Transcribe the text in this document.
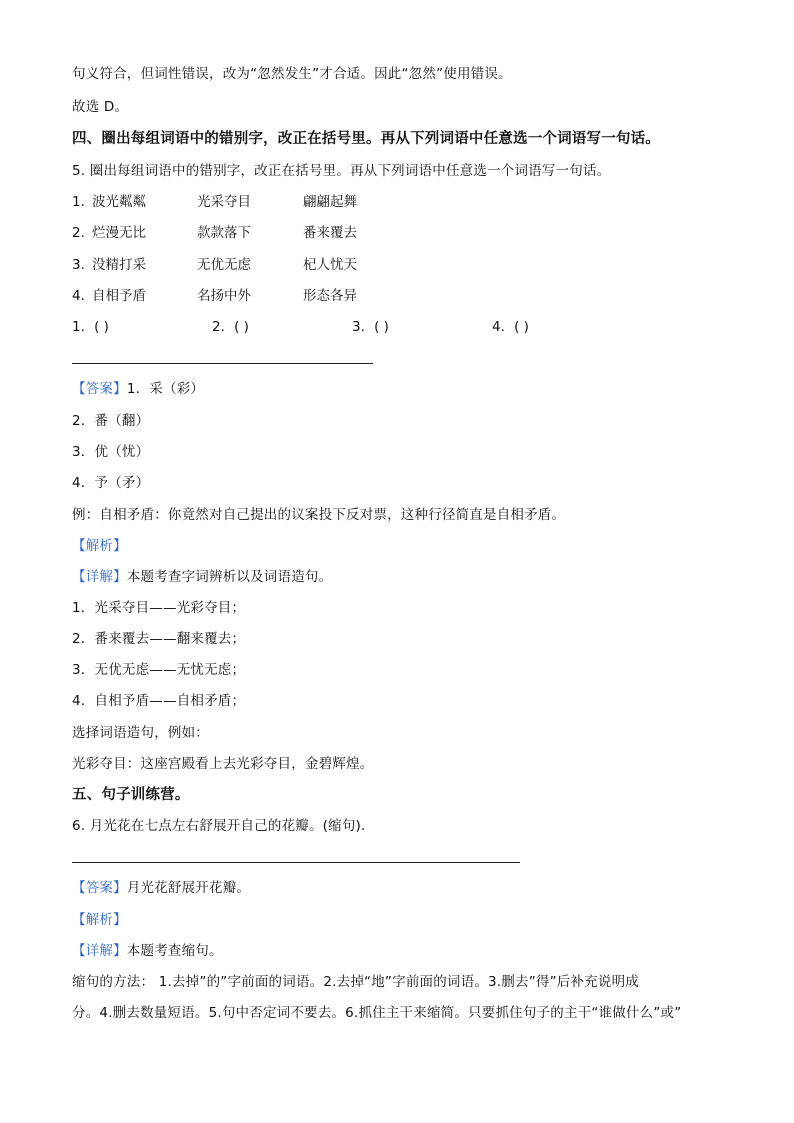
句义符合，但词性错误，改为“忽然发生”才合适。因此“忽然”使用错误。
故选 D。
四、圈出每组词语中的错别字，改正在括号里。再从下列词语中任意选一个词语写一句话。
5. 圈出每组词语中的错别字，改正在括号里。再从下列词语中任意选一个词语写一句话。
1．
波光粼粼	光采夺目	翩翩起舞
2．
烂漫无比	款款落下	番来覆去
3．
没精打采	无优无虑	杞人忧天
4．
自相予盾	名扬中外	形态各异
1．( )	2．( )	3．( )	4．( )
【答案】1．采（彩）
2．番（翻）
3．优（忧）
4．予（矛）
例：自相矛盾：你竟然对自己提出的议案投下反对票，这种行径简直是自相矛盾。
【解析】
【详解】本题考查字词辨析以及词语造句。
1．光采夺目——光彩夺目；
2．番来覆去——翻来覆去；
3．无优无虑——无忧无虑；
4．自相予盾——自相矛盾；
选择词语造句，例如：
光彩夺目：这座宫殿看上去光彩夺目，金碧辉煌。
五、句子训练营。
6. 月光花在七点左右舒展开自己的花瓣。(缩句).
【答案】月光花舒展开花瓣。
【解析】
【详解】本题考查缩句。
缩句的方法： 1.去掉”的”字前面的词语。2.去掉“地”字前面的词语。3.删去”得”后补充说明成
分。4.删去数量短语。5.句中否定词不要去。6.抓住主干来缩简。只要抓住句子的主干“谁做什么”或”
